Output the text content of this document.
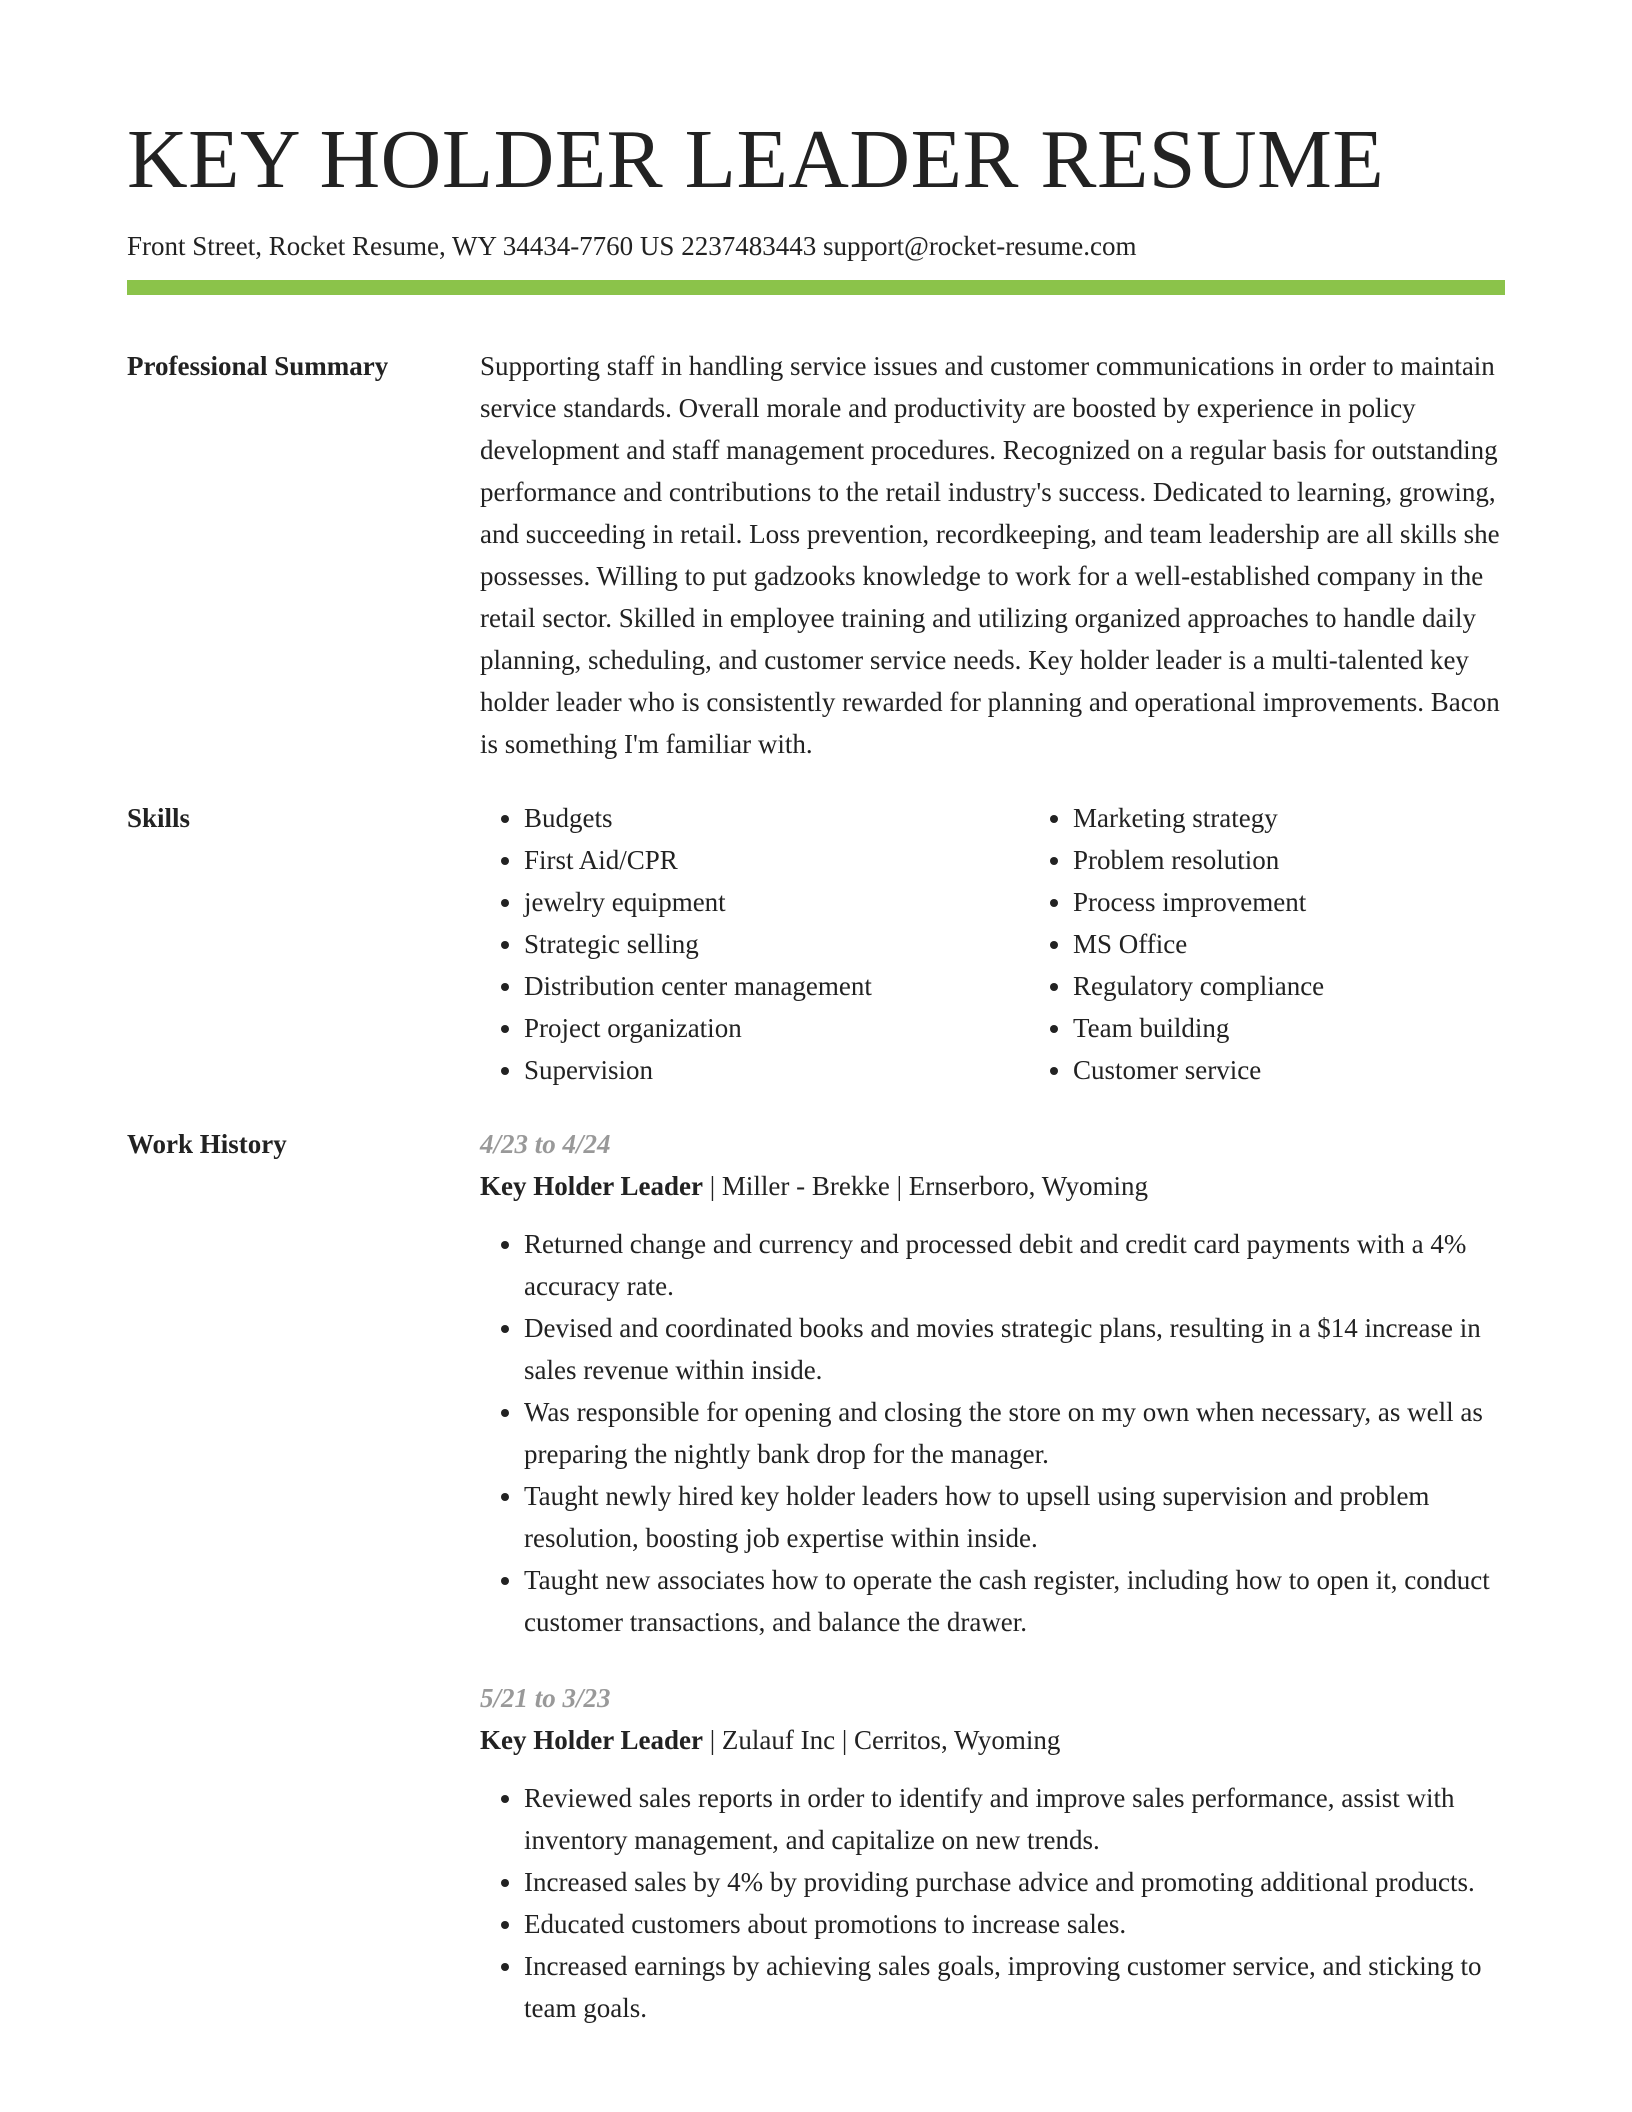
KEY HOLDER LEADER RESUME
Front Street, Rocket Resume, WY 34434-7760 US 2237483443 support@rocket-resume.com
Professional Summary	Supporting staff in handling service issues and customer communications in order to maintain service standards. Overall morale and productivity are boosted by experience in policy development and staff management procedures. Recognized on a regular basis for outstanding performance and contributions to the retail industry's success. Dedicated to learning, growing, and succeeding in retail. Loss prevention, recordkeeping, and team leadership are all skills she possesses. Willing to put gadzooks knowledge to work for a well-established company in the retail sector. Skilled in employee training and utilizing organized approaches to handle daily planning, scheduling, and customer service needs. Key holder leader is a multi-talented key holder leader who is consistently rewarded for planning and operational improvements. Bacon is something I'm familiar with.

Skills
•	Budgets
• First Aid/CPR
• jewelry equipment
• Strategic selling
• Distribution center management
• Project organization
• Supervision
• Marketing strategy
• Problem resolution
• Process improvement
• MS Office
• Regulatory compliance
• Team building
• Customer service
Work History	4/23 to 4/24
Key Holder Leader | Miller - Brekke | Ernserboro, Wyoming
• Returned change and currency and processed debit and credit card payments with a 4% accuracy rate.
• Devised and coordinated books and movies strategic plans, resulting in a $14 increase in sales revenue within inside.
• Was responsible for opening and closing the store on my own when necessary, as well as preparing the nightly bank drop for the manager.
• Taught newly hired key holder leaders how to upsell using supervision and problem resolution, boosting job expertise within inside.
• Taught new associates how to operate the cash register, including how to open it, conduct customer transactions, and balance the drawer.
5/21 to 3/23
Key Holder Leader | Zulauf Inc | Cerritos, Wyoming
• Reviewed sales reports in order to identify and improve sales performance, assist with inventory management, and capitalize on new trends.
• Increased sales by 4% by providing purchase advice and promoting additional products.
• Educated customers about promotions to increase sales.
• Increased earnings by achieving sales goals, improving customer service, and sticking to team goals.
